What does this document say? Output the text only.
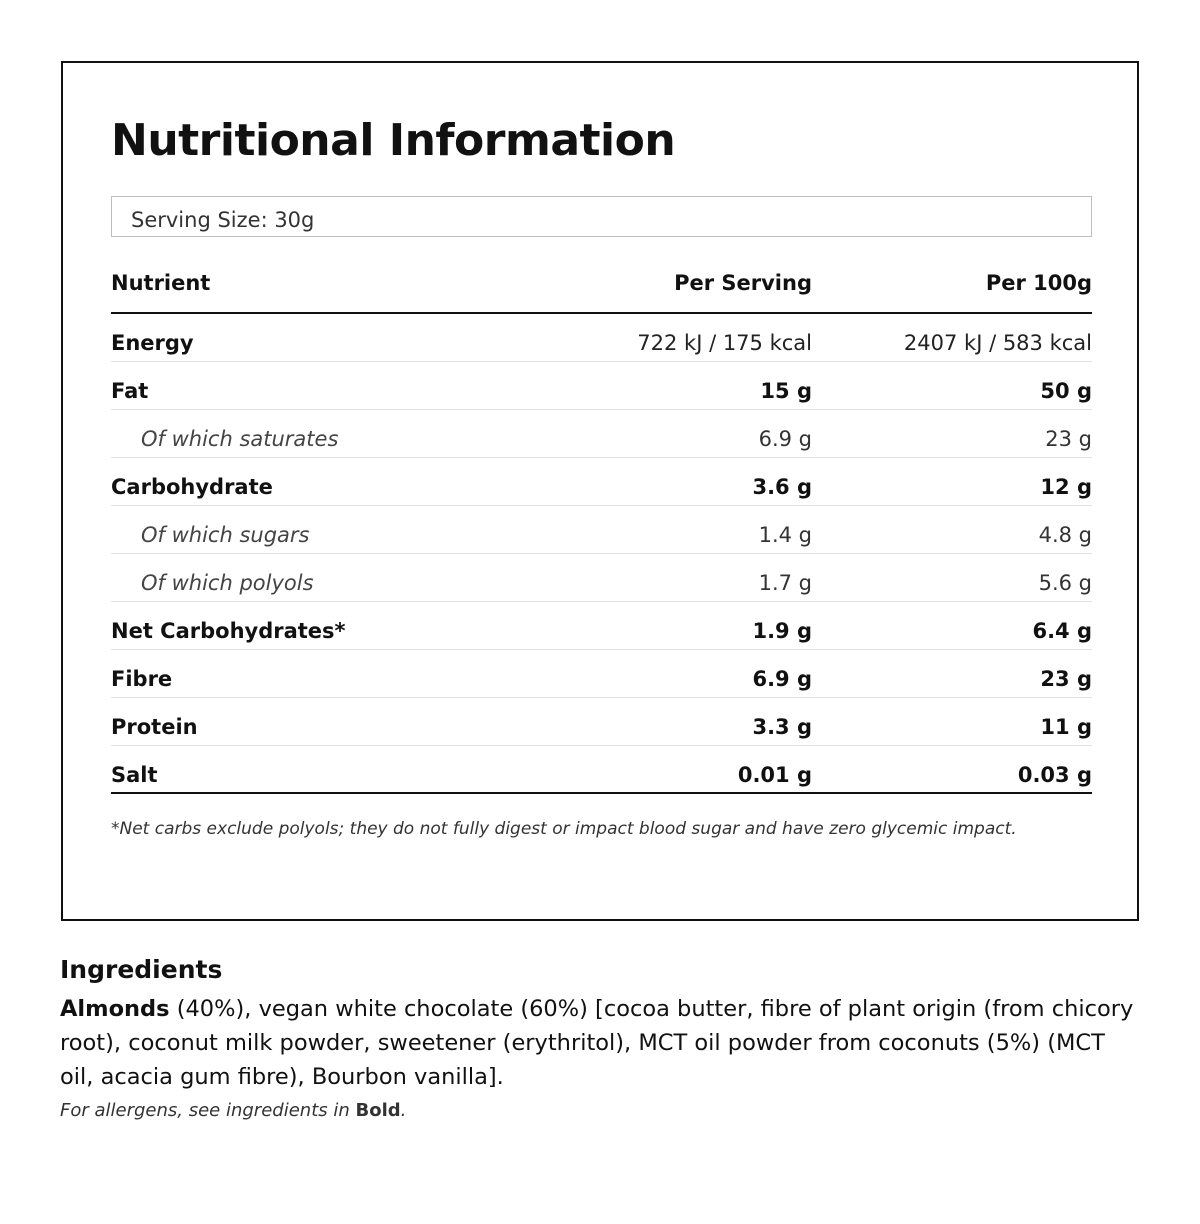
Nutritional Information
Serving Size: 30g
Nutrient	Per Serving	Per 100g
Energy	722 kJ / 175 kcal	2407 kJ / 583 kcal
Fat	15 g	50 g
Of which saturates	6.9 g	23 g
Carbohydrate	3.6 g	12 g
Of which sugars	1.4 g	4.8 g
Of which polyols	1.7 g	5.6 g
Net Carbohydrates*	1.9 g	6.4 g
Fibre	6.9 g	23 g
Protein	3.3 g	11 g
Salt	0.01 g	0.03 g

*Net carbs exclude polyols; they do not fully digest or impact blood sugar and have zero glycemic impact.

Ingredients

Almonds (40%), vegan white chocolate (60%) [cocoa butter, fibre of plant origin (from chicory root), coconut milk powder, sweetener (erythritol), MCT oil powder from coconuts (5%) (MCT oil, acacia gum fibre), Bourbon vanilla].

For allergens, see ingredients in Bold.
